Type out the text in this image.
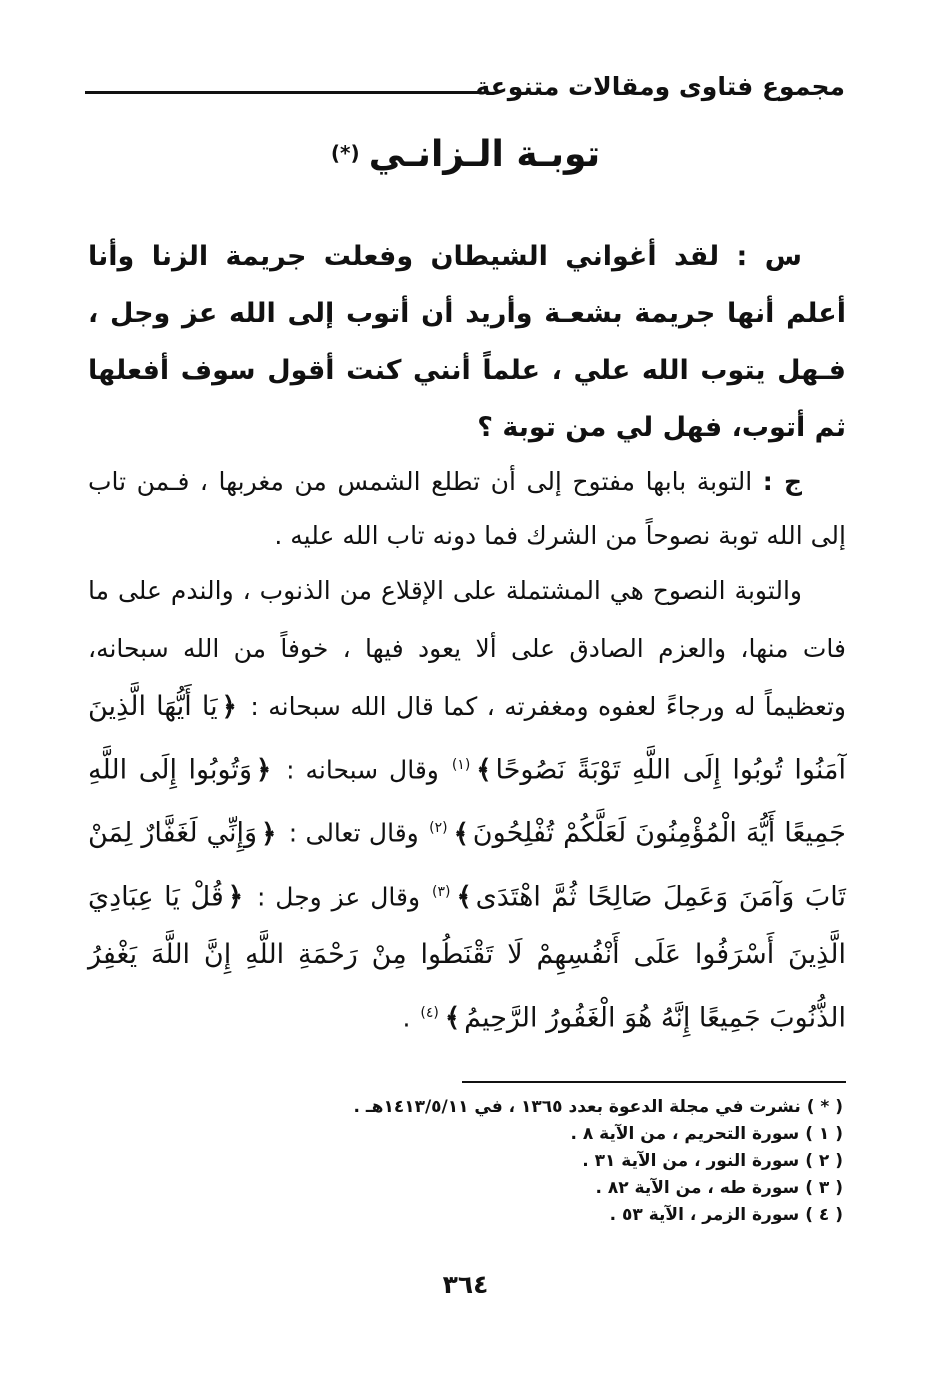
مجموع فتاوى ومقالات متنوعة
توبـة الـزانـي (*)
س : لقد أغواني الشيطان وفعلت جريمة الزنا وأنا أعلم أنها جريمة بشعـة وأريد أن أتوب إلى الله عز وجل ، فـهل يتوب الله علي ، علماً أنني كنت أقول سوف أفعلها ثم أتوب، فهل لي من توبة ؟
ج : التوبة بابها مفتوح إلى أن تطلع الشمس من مغربها ، فـمن تاب إلى الله توبة نصوحاً من الشرك فما دونه تاب الله عليه .
والتوبة النصوح هي المشتملة على الإقلاع من الذنوب ، والندم على ما فات منها، والعزم الصادق على ألا يعود فيها ، خوفاً من الله سبحانه، وتعظيماً له ورجاءً لعفوه ومغفرته ، كما قال الله سبحانه : ﴿يَا أَيُّهَا الَّذِينَ آمَنُوا تُوبُوا إِلَى اللَّهِ تَوْبَةً نَصُوحًا﴾$^{(١)}$ وقال سبحانه : ﴿وَتُوبُوا إِلَى اللَّهِ جَمِيعًا أَيُّهَ الْمُؤْمِنُونَ لَعَلَّكُمْ تُفْلِحُونَ﴾$^{(٢)}$ وقال تعالى : ﴿وَإِنِّي لَغَفَّارٌ لِمَنْ تَابَ وَآمَنَ وَعَمِلَ صَالِحًا ثُمَّ اهْتَدَى﴾$^{(٣)}$ وقال عز وجل : ﴿قُلْ يَا عِبَادِيَ الَّذِينَ أَسْرَفُوا عَلَى أَنْفُسِهِمْ لَا تَقْنَطُوا مِنْ رَحْمَةِ اللَّهِ إِنَّ اللَّهَ يَغْفِرُ الذُّنُوبَ جَمِيعًا إِنَّهُ هُوَ الْغَفُورُ الرَّحِيمُ﴾$^{(٤)}$ .
( * )نشرت في مجلة الدعوة بعدد ١٣٦٥ ، في ١٤١٣/٥/١١هـ .
( ١ )سورة التحريم ، من الآية ٨ .
( ٢ )سورة النور ، من الآية ٣١ .
( ٣ )سورة طه ، من الآية ٨٢ .
( ٤ )سورة الزمر ، الآية ٥٣ .
٣٦٤
